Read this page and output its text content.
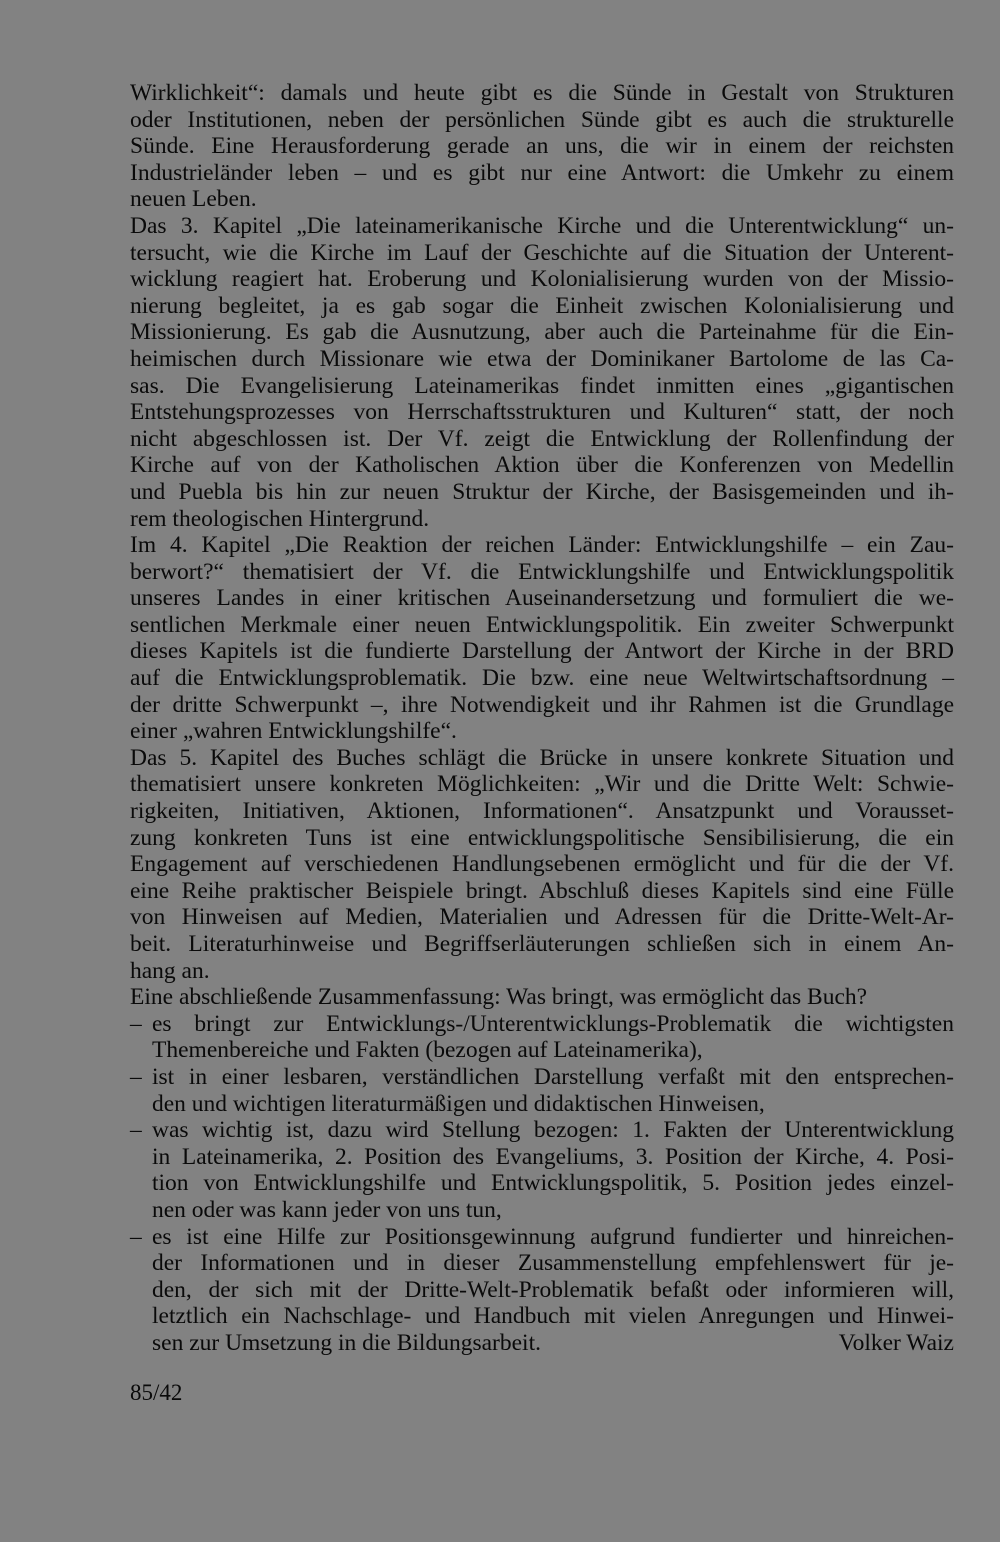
Wirklichkeit“: damals und heute gibt es die Sünde in Gestalt von Strukturen
oder Institutionen, neben der persönlichen Sünde gibt es auch die strukturelle
Sünde. Eine Herausforderung gerade an uns, die wir in einem der reichsten
Industrieländer leben – und es gibt nur eine Antwort: die Umkehr zu einem
neuen Leben.
Das 3. Kapitel „Die lateinamerikanische Kirche und die Unterentwicklung“ un-
tersucht, wie die Kirche im Lauf der Geschichte auf die Situation der Unterent-
wicklung reagiert hat. Eroberung und Kolonialisierung wurden von der Missio-
nierung begleitet, ja es gab sogar die Einheit zwischen Kolonialisierung und
Missionierung. Es gab die Ausnutzung, aber auch die Parteinahme für die Ein-
heimischen durch Missionare wie etwa der Dominikaner Bartolome de las Ca-
sas. Die Evangelisierung Lateinamerikas findet inmitten eines „gigantischen
Entstehungsprozesses von Herrschaftsstrukturen und Kulturen“ statt, der noch
nicht abgeschlossen ist. Der Vf. zeigt die Entwicklung der Rollenfindung der
Kirche auf von der Katholischen Aktion über die Konferenzen von Medellin
und Puebla bis hin zur neuen Struktur der Kirche, der Basisgemeinden und ih-
rem theologischen Hintergrund.
Im 4. Kapitel „Die Reaktion der reichen Länder: Entwicklungshilfe – ein Zau-
berwort?“ thematisiert der Vf. die Entwicklungshilfe und Entwicklungspolitik
unseres Landes in einer kritischen Auseinandersetzung und formuliert die we-
sentlichen Merkmale einer neuen Entwicklungspolitik. Ein zweiter Schwerpunkt
dieses Kapitels ist die fundierte Darstellung der Antwort der Kirche in der BRD
auf die Entwicklungsproblematik. Die bzw. eine neue Weltwirtschaftsordnung –
der dritte Schwerpunkt –, ihre Notwendigkeit und ihr Rahmen ist die Grundlage
einer „wahren Entwicklungshilfe“.
Das 5. Kapitel des Buches schlägt die Brücke in unsere konkrete Situation und
thematisiert unsere konkreten Möglichkeiten: „Wir und die Dritte Welt: Schwie-
rigkeiten, Initiativen, Aktionen, Informationen“. Ansatzpunkt und Vorausset-
zung konkreten Tuns ist eine entwicklungspolitische Sensibilisierung, die ein
Engagement auf verschiedenen Handlungsebenen ermöglicht und für die der Vf.
eine Reihe praktischer Beispiele bringt. Abschluß dieses Kapitels sind eine Fülle
von Hinweisen auf Medien, Materialien und Adressen für die Dritte-Welt-Ar-
beit. Literaturhinweise und Begriffserläuterungen schließen sich in einem An-
hang an.
Eine abschließende Zusammenfassung: Was bringt, was ermöglicht das Buch?
– es bringt zur Entwicklungs-/Unterentwicklungs-Problematik die wichtigsten
Themenbereiche und Fakten (bezogen auf Lateinamerika),
– ist in einer lesbaren, verständlichen Darstellung verfaßt mit den entsprechen-
den und wichtigen literaturmäßigen und didaktischen Hinweisen,
– was wichtig ist, dazu wird Stellung bezogen: 1. Fakten der Unterentwicklung
in Lateinamerika, 2. Position des Evangeliums, 3. Position der Kirche, 4. Posi-
tion von Entwicklungshilfe und Entwicklungspolitik, 5. Position jedes einzel-
nen oder was kann jeder von uns tun,
– es ist eine Hilfe zur Positionsgewinnung aufgrund fundierter und hinreichen-
der Informationen und in dieser Zusammenstellung empfehlenswert für je-
den, der sich mit der Dritte-Welt-Problematik befaßt oder informieren will,
letztlich ein Nachschlage- und Handbuch mit vielen Anregungen und Hinwei-
sen zur Umsetzung in die Bildungsarbeit.	Volker Waiz
85/42
